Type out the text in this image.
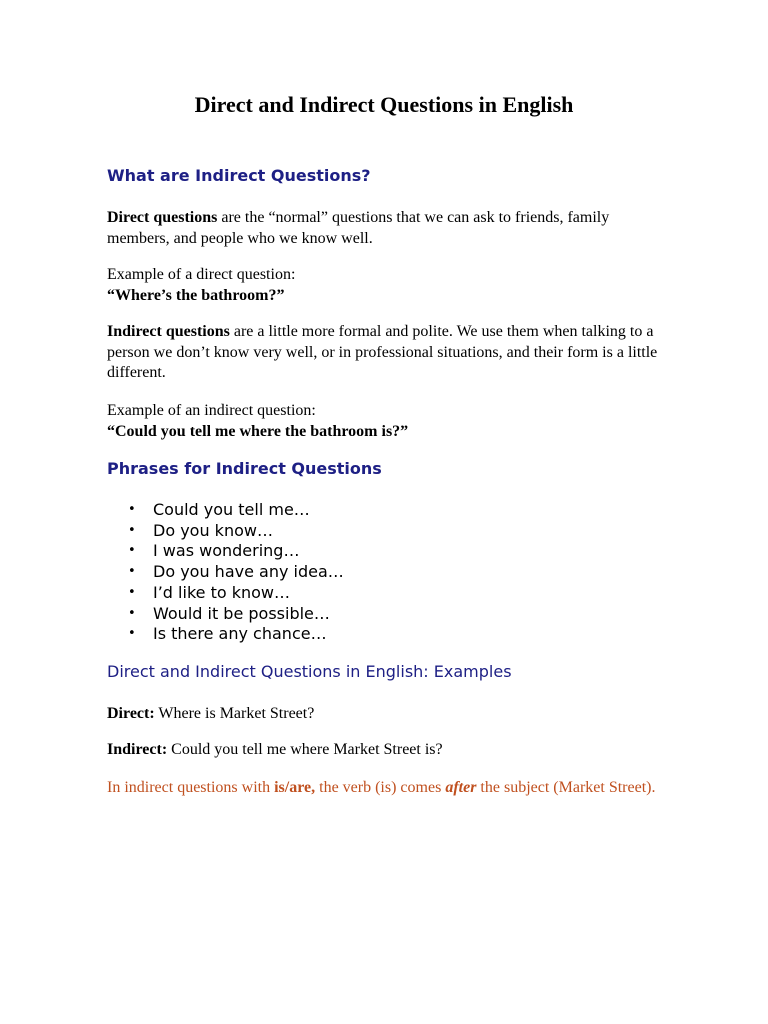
Direct and Indirect Questions in English
What are Indirect Questions?

Direct questions are the “normal” questions that we can ask to friends, family members, and people who we know well.

Example of a direct question:
“Where’s the bathroom?”

Indirect questions are a little more formal and polite. We use them when talking to a person we don’t know very well, or in professional situations, and their form is a little different.

Example of an indirect question:
“Could you tell me where the bathroom is?”

Phrases for Indirect Questions
• Could you tell me…
• Do you know…
• I was wondering…
• Do you have any idea…
• I’d like to know…
• Would it be possible…
• Is there any chance…
Direct and Indirect Questions in English: Examples

Direct: Where is Market Street?

Indirect: Could you tell me where Market Street is?

In indirect questions with is/are, the verb (is) comes after the subject (Market Street).
